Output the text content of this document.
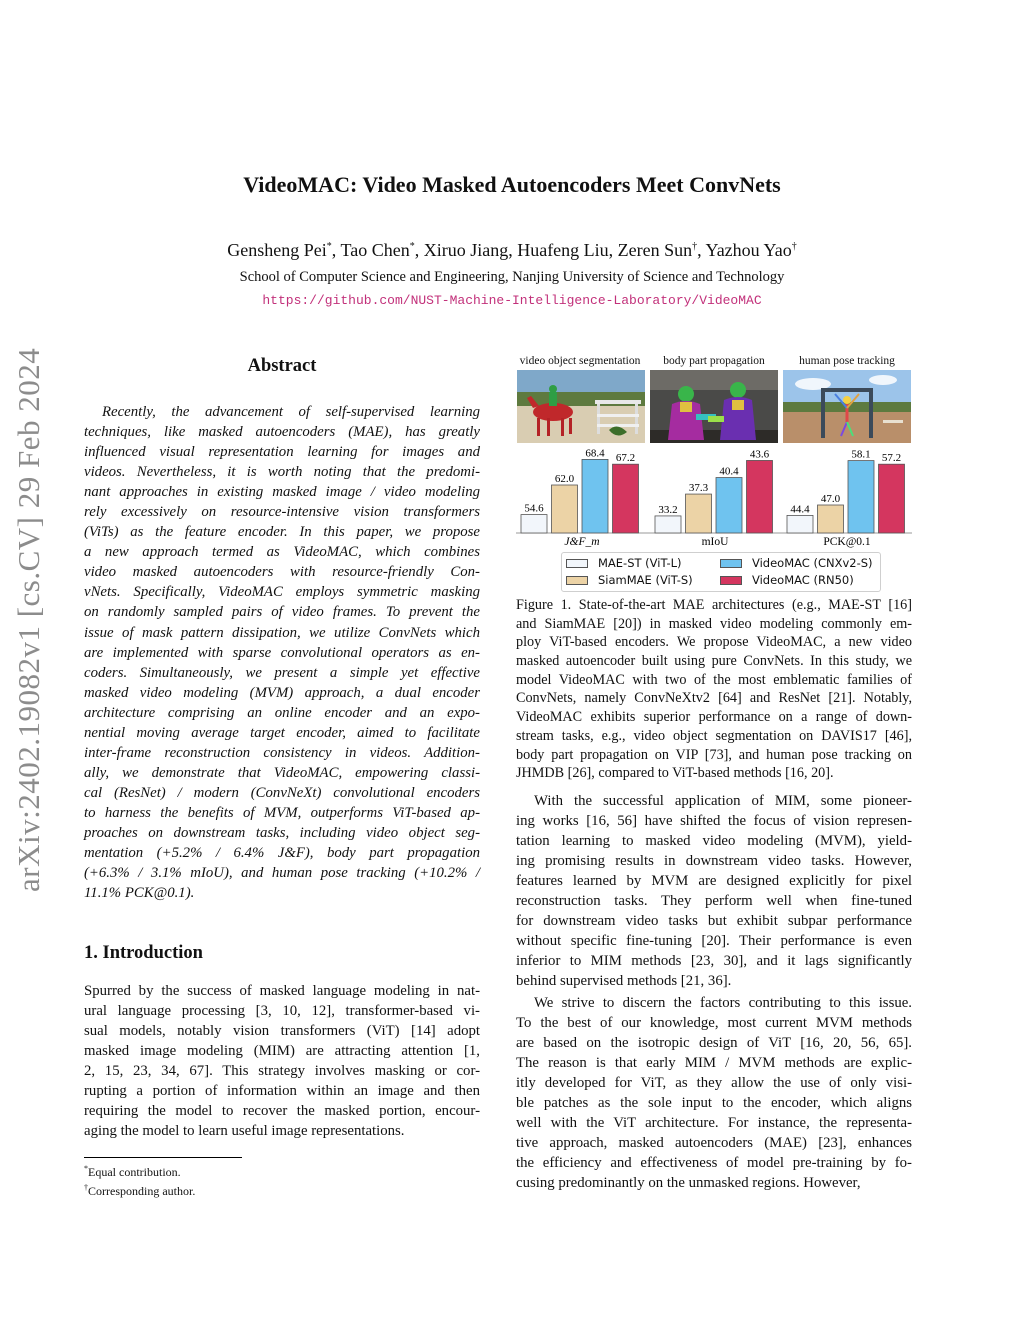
arXiv:2402.19082v1 [cs.CV] 29 Feb 2024
VideoMAC: Video Masked Autoencoders Meet ConvNets
Gensheng Pei*, Tao Chen*, Xiruo Jiang, Huafeng Liu, Zeren Sun†, Yazhou Yao†
School of Computer Science and Engineering, Nanjing University of Science and Technology
https://github.com/NUST-Machine-Intelligence-Laboratory/VideoMAC
Abstract
Recently, the advancement of self-supervised learning
techniques, like masked autoencoders (MAE), has greatly
influenced visual representation learning for images and
videos. Nevertheless, it is worth noting that the predomi-
nant approaches in existing masked image / video modeling
rely excessively on resource-intensive vision transformers
(ViTs) as the feature encoder. In this paper, we propose
a new approach termed as VideoMAC, which combines
video masked autoencoders with resource-friendly Con-
vNets. Specifically, VideoMAC employs symmetric masking
on randomly sampled pairs of video frames. To prevent the
issue of mask pattern dissipation, we utilize ConvNets which
are implemented with sparse convolutional operators as en-
coders. Simultaneously, we present a simple yet effective
masked video modeling (MVM) approach, a dual encoder
architecture comprising an online encoder and an expo-
nential moving average target encoder, aimed to facilitate
inter-frame reconstruction consistency in videos. Addition-
ally, we demonstrate that VideoMAC, empowering classi-
cal (ResNet) / modern (ConvNeXt) convolutional encoders
to harness the benefits of MVM, outperforms ViT-based ap-
proaches on downstream tasks, including video object seg-
mentation (+5.2% / 6.4% J&F), body part propagation
(+6.3% / 3.1% mIoU), and human pose tracking (+10.2% /
11.1% PCK@0.1).
1. Introduction
Spurred by the success of masked language modeling in nat-
ural language processing [3, 10, 12], transformer-based vi-
sual models, notably vision transformers (ViT) [14] adopt
masked image modeling (MIM) are attracting attention [1,
2, 15, 23, 34, 67]. This strategy involves masking or cor-
rupting a portion of information within an image and then
requiring the model to recover the masked portion, encour-
aging the model to learn useful image representations.
*Equal contribution.
†Corresponding author.
video object segmentation	body part propagation	human pose tracking
54.6
62.0
68.4 67.2
33.2
37.3
40.4
43.6
44.4
47.0
58.1 57.2
J&F_m	mIoU	PCK@0.1
MAE-ST (ViT-L)	VideoMAC (CNXv2-S)
SiamMAE (ViT-S)	VideoMAC (RN50)
Figure 1. State-of-the-art MAE architectures (e.g., MAE-ST [16]
and SiamMAE [20]) in masked video modeling commonly em-
ploy ViT-based encoders. We propose VideoMAC, a new video
masked autoencoder built using pure ConvNets. In this study, we
model VideoMAC with two of the most emblematic families of
ConvNets, namely ConvNeXtv2 [64] and ResNet [21]. Notably,
VideoMAC exhibits superior performance on a range of down-
stream tasks, e.g., video object segmentation on DAVIS17 [46],
body part propagation on VIP [73], and human pose tracking on
JHMDB [26], compared to ViT-based methods [16, 20].
With the successful application of MIM, some pioneer-
ing works [16, 56] have shifted the focus of vision represen-
tation learning to masked video modeling (MVM), yield-
ing promising results in downstream video tasks. However,
features learned by MVM are designed explicitly for pixel
reconstruction tasks. They perform well when fine-tuned
for downstream video tasks but exhibit subpar performance
without specific fine-tuning [20]. Their performance is even
inferior to MIM methods [23, 30], and it lags significantly
behind supervised methods [21, 36].
We strive to discern the factors contributing to this issue.
To the best of our knowledge, most current MVM methods
are based on the isotropic design of ViT [16, 20, 56, 65].
The reason is that early MIM / MVM methods are explic-
itly developed for ViT, as they allow the use of only visi-
ble patches as the sole input to the encoder, which aligns
well with the ViT architecture. For instance, the representa-
tive approach, masked autoencoders (MAE) [23], enhances
the efficiency and effectiveness of model pre-training by fo-
cusing predominantly on the unmasked regions. However,
